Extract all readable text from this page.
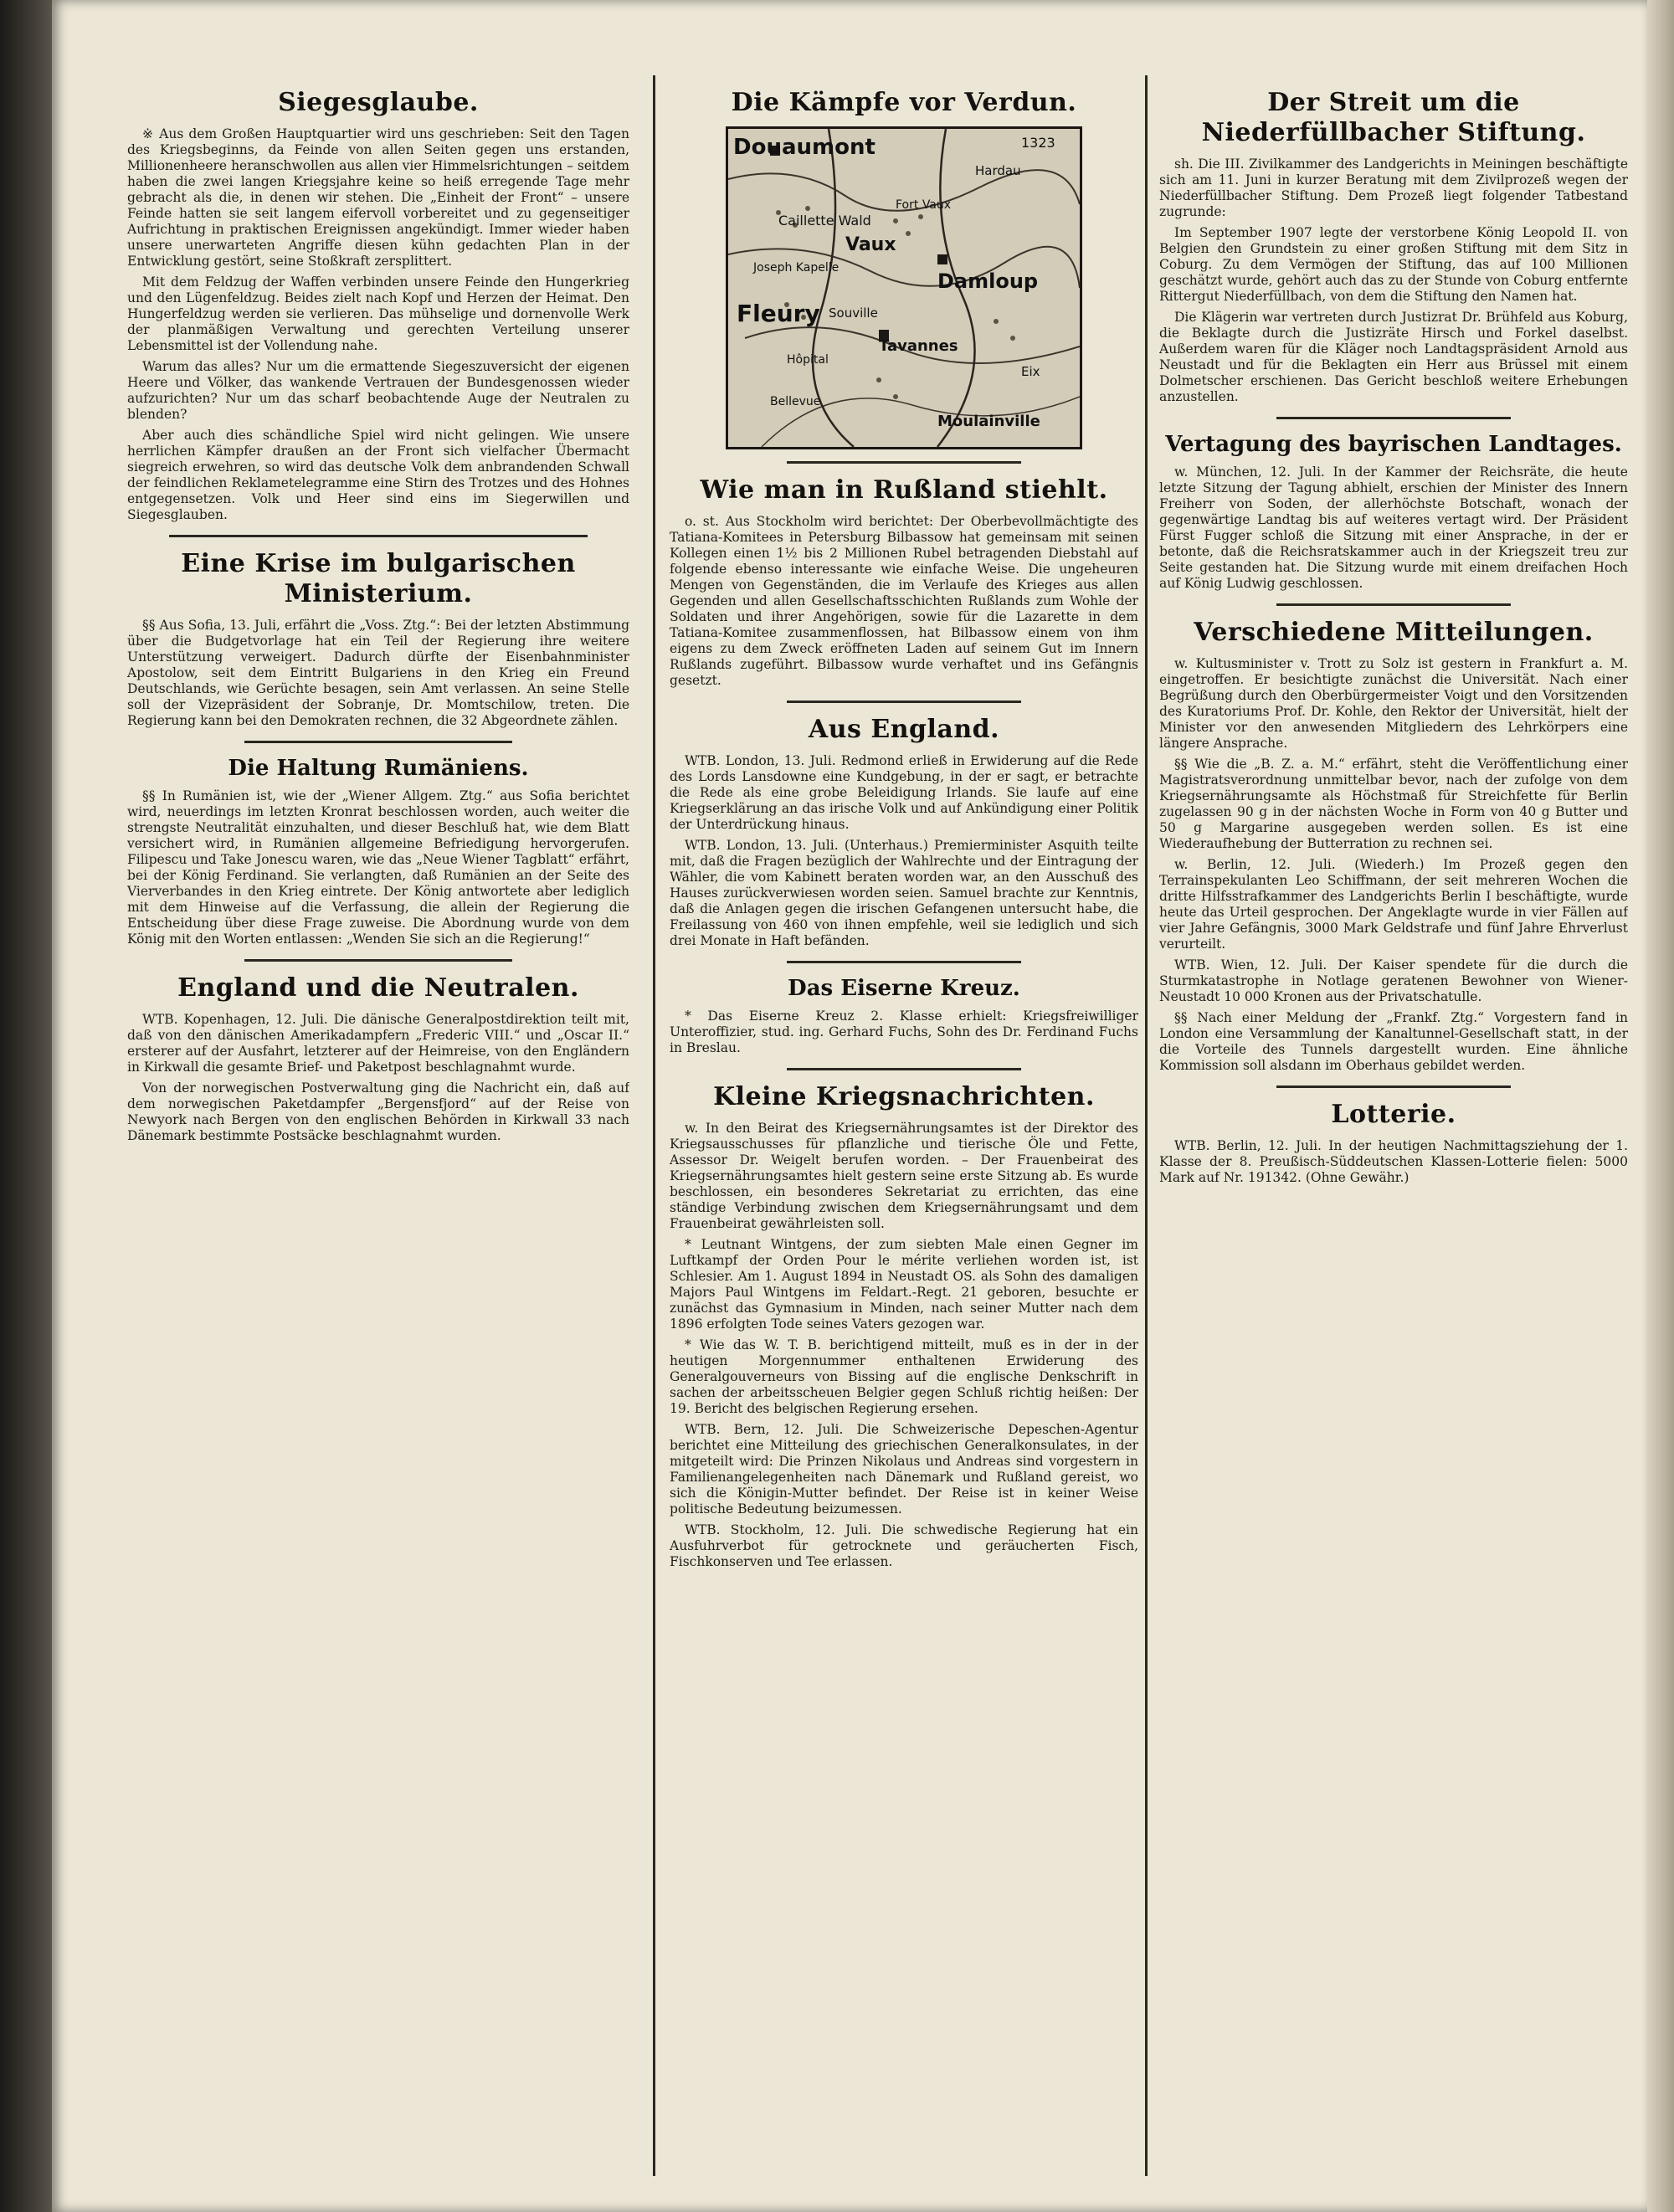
Siegesglaube.

※ Aus dem Großen Hauptquartier wird uns geschrieben: Seit den Tagen des Kriegsbeginns, da Feinde von allen Seiten gegen uns erstanden, Millionenheere heranschwollen aus allen vier Himmelsrichtungen – seitdem haben die zwei langen Kriegsjahre keine so heiß erregende Tage mehr gebracht als die, in denen wir stehen. Die „Einheit der Front“ – unsere Feinde hatten sie seit langem eifervoll vorbereitet und zu gegenseitiger Aufrichtung in praktischen Ereignissen angekündigt. Immer wieder haben unsere unerwarteten Angriffe diesen kühn gedachten Plan in der Entwicklung gestört, seine Stoßkraft zersplittert.

Mit dem Feldzug der Waffen verbinden unsere Feinde den Hungerkrieg und den Lügenfeldzug. Beides zielt nach Kopf und Herzen der Heimat. Den Hungerfeldzug werden sie verlieren. Das mühselige und dornenvolle Werk der planmäßigen Verwaltung und gerechten Verteilung unserer Lebensmittel ist der Vollendung nahe.

Warum das alles? Nur um die ermattende Siegeszuversicht der eigenen Heere und Völker, das wankende Vertrauen der Bundesgenossen wieder aufzurichten? Nur um das scharf beobachtende Auge der Neutralen zu blenden?

Aber auch dies schändliche Spiel wird nicht gelingen. Wie unsere herrlichen Kämpfer draußen an der Front sich vielfacher Übermacht siegreich erwehren, so wird das deutsche Volk dem anbrandenden Schwall der feindlichen Reklametelegramme eine Stirn des Trotzes und des Hohnes entgegensetzen. Volk und Heer sind eins im Siegerwillen und Siegesglauben.

Eine Krise im bulgarischen Ministerium.

§§ Aus Sofia, 13. Juli, erfährt die „Voss. Ztg.“: Bei der letzten Abstimmung über die Budgetvorlage hat ein Teil der Regierung ihre weitere Unterstützung verweigert. Dadurch dürfte der Eisenbahnminister Apostolow, seit dem Eintritt Bulgariens in den Krieg ein Freund Deutschlands, wie Gerüchte besagen, sein Amt verlassen. An seine Stelle soll der Vizepräsident der Sobranje, Dr. Momtschilow, treten. Die Regierung kann bei den Demokraten rechnen, die 32 Abgeordnete zählen.

Die Haltung Rumäniens.

§§ In Rumänien ist, wie der „Wiener Allgem. Ztg.“ aus Sofia berichtet wird, neuerdings im letzten Kronrat beschlossen worden, auch weiter die strengste Neutralität einzuhalten, und dieser Beschluß hat, wie dem Blatt versichert wird, in Rumänien allgemeine Befriedigung hervorgerufen. Filipescu und Take Jonescu waren, wie das „Neue Wiener Tagblatt“ erfährt, bei der König Ferdinand. Sie verlangten, daß Rumänien an der Seite des Vierverbandes in den Krieg eintrete. Der König antwortete aber lediglich mit dem Hinweise auf die Verfassung, die allein der Regierung die Entscheidung über diese Frage zuweise. Die Abordnung wurde von dem König mit den Worten entlassen: „Wenden Sie sich an die Regierung!“

England und die Neutralen.

WTB. Kopenhagen, 12. Juli. Die dänische Generalpostdirektion teilt mit, daß von den dänischen Amerikadampfern „Frederic VIII.“ und „Oscar II.“ ersterer auf der Ausfahrt, letzterer auf der Heimreise, von den Engländern in Kirkwall die gesamte Brief- und Paketpost beschlagnahmt wurde.

Von der norwegischen Postverwaltung ging die Nachricht ein, daß auf dem norwegischen Paketdampfer „Bergensfjord“ auf der Reise von Newyork nach Bergen von den englischen Behörden in Kirkwall 33 nach Dänemark bestimmte Postsäcke beschlagnahmt wurden.

Die Kämpfe vor Verdun.
Douaumont	1323
Hardau
Caillette Wald
Vaux
Joseph Kapelle
Damloup
Fleury Souville
Tavannes
Hôpital
Bellevue
Moulainville
Eix
Fort Vaux
Wie man in Rußland stiehlt.

o. st. Aus Stockholm wird berichtet: Der Oberbevollmächtigte des Tatiana-Komitees in Petersburg Bilbassow hat gemeinsam mit seinen Kollegen einen 1½ bis 2 Millionen Rubel betragenden Diebstahl auf folgende ebenso interessante wie einfache Weise. Die ungeheuren Mengen von Gegenständen, die im Verlaufe des Krieges aus allen Gegenden und allen Gesellschaftsschichten Rußlands zum Wohle der Soldaten und ihrer Angehörigen, sowie für die Lazarette in dem Tatiana-Komitee zusammenflossen, hat Bilbassow einem von ihm eigens zu dem Zweck eröffneten Laden auf seinem Gut im Innern Rußlands zugeführt. Bilbassow wurde verhaftet und ins Gefängnis gesetzt.

Aus England.

WTB. London, 13. Juli. Redmond erließ in Erwiderung auf die Rede des Lords Lansdowne eine Kundgebung, in der er sagt, er betrachte die Rede als eine grobe Beleidigung Irlands. Sie laufe auf eine Kriegserklärung an das irische Volk und auf Ankündigung einer Politik der Unterdrückung hinaus.

WTB. London, 13. Juli. (Unterhaus.) Premierminister Asquith teilte mit, daß die Fragen bezüglich der Wahlrechte und der Eintragung der Wähler, die vom Kabinett beraten worden war, an den Ausschuß des Hauses zurückverwiesen worden seien. Samuel brachte zur Kenntnis, daß die Anlagen gegen die irischen Gefangenen untersucht habe, die Freilassung von 460 von ihnen empfehle, weil sie lediglich und sich drei Monate in Haft befänden.

Das Eiserne Kreuz.

* Das Eiserne Kreuz 2. Klasse erhielt: Kriegsfreiwilliger Unteroffizier, stud. ing. Gerhard Fuchs, Sohn des Dr. Ferdinand Fuchs in Breslau.

Kleine Kriegsnachrichten.

w. In den Beirat des Kriegsernährungsamtes ist der Direktor des Kriegsausschusses für pflanzliche und tierische Öle und Fette, Assessor Dr. Weigelt berufen worden. – Der Frauenbeirat des Kriegsernährungsamtes hielt gestern seine erste Sitzung ab. Es wurde beschlossen, ein besonderes Sekretariat zu errichten, das eine ständige Verbindung zwischen dem Kriegsernährungsamt und dem Frauenbeirat gewährleisten soll.

* Leutnant Wintgens, der zum siebten Male einen Gegner im Luftkampf der Orden Pour le mérite verliehen worden ist, ist Schlesier. Am 1. August 1894 in Neustadt OS. als Sohn des damaligen Majors Paul Wintgens im Feldart.-Regt. 21 geboren, besuchte er zunächst das Gymnasium in Minden, nach seiner Mutter nach dem 1896 erfolgten Tode seines Vaters gezogen war.

* Wie das W. T. B. berichtigend mitteilt, muß es in der in der heutigen Morgennummer enthaltenen Erwiderung des Generalgouverneurs von Bissing auf die englische Denkschrift in sachen der arbeitsscheuen Belgier gegen Schluß richtig heißen: Der 19. Bericht des belgischen Regierung ersehen.

WTB. Bern, 12. Juli. Die Schweizerische Depeschen-Agentur berichtet eine Mitteilung des griechischen Generalkonsulates, in der mitgeteilt wird: Die Prinzen Nikolaus und Andreas sind vorgestern in Familienangelegenheiten nach Dänemark und Rußland gereist, wo sich die Königin-Mutter befindet. Der Reise ist in keiner Weise politische Bedeutung beizumessen.

WTB. Stockholm, 12. Juli. Die schwedische Regierung hat ein Ausfuhrverbot für getrocknete und geräucherten Fisch, Fischkonserven und Tee erlassen.

Der Streit um die Niederfüllbacher Stiftung.

sh. Die III. Zivilkammer des Landgerichts in Meiningen beschäftigte sich am 11. Juni in kurzer Beratung mit dem Zivilprozeß wegen der Niederfüllbacher Stiftung. Dem Prozeß liegt folgender Tatbestand zugrunde:

Im September 1907 legte der verstorbene König Leopold II. von Belgien den Grundstein zu einer großen Stiftung mit dem Sitz in Coburg. Zu dem Vermögen der Stiftung, das auf 100 Millionen geschätzt wurde, gehört auch das zu der Stunde von Coburg entfernte Rittergut Niederfüllbach, von dem die Stiftung den Namen hat.

Die Klägerin war vertreten durch Justizrat Dr. Brühfeld aus Koburg, die Beklagte durch die Justizräte Hirsch und Forkel daselbst. Außerdem waren für die Kläger noch Landtagspräsident Arnold aus Neustadt und für die Beklagten ein Herr aus Brüssel mit einem Dolmetscher erschienen. Das Gericht beschloß weitere Erhebungen anzustellen.

Vertagung des bayrischen Landtages.

w. München, 12. Juli. In der Kammer der Reichsräte, die heute letzte Sitzung der Tagung abhielt, erschien der Minister des Innern Freiherr von Soden, der allerhöchste Botschaft, wonach der gegenwärtige Landtag bis auf weiteres vertagt wird. Der Präsident Fürst Fugger schloß die Sitzung mit einer Ansprache, in der er betonte, daß die Reichsratskammer auch in der Kriegszeit treu zur Seite gestanden hat. Die Sitzung wurde mit einem dreifachen Hoch auf König Ludwig geschlossen.

Verschiedene Mitteilungen.

w. Kultusminister v. Trott zu Solz ist gestern in Frankfurt a. M. eingetroffen. Er besichtigte zunächst die Universität. Nach einer Begrüßung durch den Oberbürgermeister Voigt und den Vorsitzenden des Kuratoriums Prof. Dr. Kohle, den Rektor der Universität, hielt der Minister vor den anwesenden Mitgliedern des Lehrkörpers eine längere Ansprache.

§§ Wie die „B. Z. a. M.“ erfährt, steht die Veröffentlichung einer Magistratsverordnung unmittelbar bevor, nach der zufolge von dem Kriegsernährungsamte als Höchstmaß für Streichfette für Berlin zugelassen 90 g in der nächsten Woche in Form von 40 g Butter und 50 g Margarine ausgegeben werden sollen. Es ist eine Wiederaufhebung der Butterration zu rechnen sei.

w. Berlin, 12. Juli. (Wiederh.) Im Prozeß gegen den Terrainspekulanten Leo Schiffmann, der seit mehreren Wochen die dritte Hilfsstrafkammer des Landgerichts Berlin I beschäftigte, wurde heute das Urteil gesprochen. Der Angeklagte wurde in vier Fällen auf vier Jahre Gefängnis, 3000 Mark Geldstrafe und fünf Jahre Ehrverlust verurteilt.

WTB. Wien, 12. Juli. Der Kaiser spendete für die durch die Sturmkatastrophe in Notlage geratenen Bewohner von Wiener-Neustadt 10 000 Kronen aus der Privatschatulle.

§§ Nach einer Meldung der „Frankf. Ztg.“ Vorgestern fand in London eine Versammlung der Kanaltunnel-Gesellschaft statt, in der die Vorteile des Tunnels dargestellt wurden. Eine ähnliche Kommission soll alsdann im Oberhaus gebildet werden.

Lotterie.

WTB. Berlin, 12. Juli. In der heutigen Nachmittagsziehung der 1. Klasse der 8. Preußisch-Süddeutschen Klassen-Lotterie fielen: 5000 Mark auf Nr. 191342. (Ohne Gewähr.)
